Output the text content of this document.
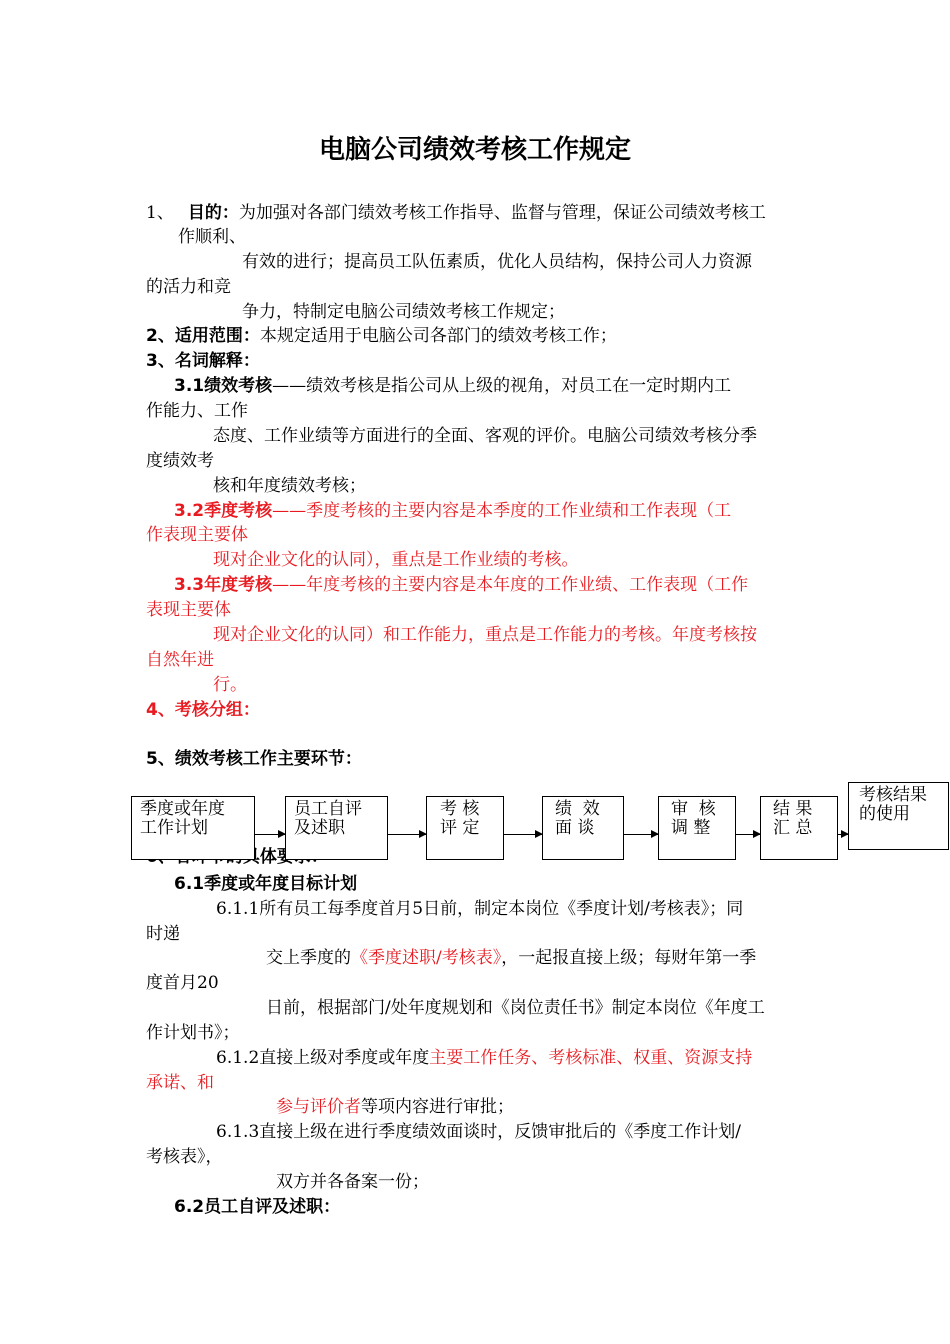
电脑公司绩效考核工作规定
1、 目的：为加强对各部门绩效考核工作指导、监督与管理，保证公司绩效考核工
作顺利、
有效的进行；提高员工队伍素质，优化人员结构，保持公司人力资源
的活力和竞
争力，特制定电脑公司绩效考核工作规定；
2、适用范围：本规定适用于电脑公司各部门的绩效考核工作；
3、名词解释：
3.1绩效考核——绩效考核是指公司从上级的视角，对员工在一定时期内工
作能力、工作
态度、工作业绩等方面进行的全面、客观的评价。电脑公司绩效考核分季
度绩效考
核和年度绩效考核；
3.2季度考核——季度考核的主要内容是本季度的工作业绩和工作表现（工
作表现主要体
现对企业文化的认同），重点是工作业绩的考核。
3.3年度考核——年度考核的主要内容是本年度的工作业绩、工作表现（工作
表现主要体
现对企业文化的认同）和工作能力，重点是工作能力的考核。年度考核按
自然年进
行。
4、考核分组：
5、绩效考核工作主要环节：
季度或年度
工作计划
员工自评
及述职
考 核
评 定
绩  效
面 谈
审  核
调 整
结 果
汇 总
考核结果
的使用
6.1季度或年度目标计划
6.1.1所有员工每季度首月5日前，制定本岗位《季度计划/考核表》；同
时递
交上季度的《季度述职/考核表》，一起报直接上级；每财年第一季
度首月20
日前，根据部门/处年度规划和《岗位责任书》制定本岗位《年度工
作计划书》；
6.1.2直接上级对季度或年度主要工作任务、考核标准、权重、资源支持
承诺、和
参与评价者等项内容进行审批；
6.1.3直接上级在进行季度绩效面谈时，反馈审批后的《季度工作计划/
考核表》，
双方并各备案一份；
6.2员工自评及述职：
